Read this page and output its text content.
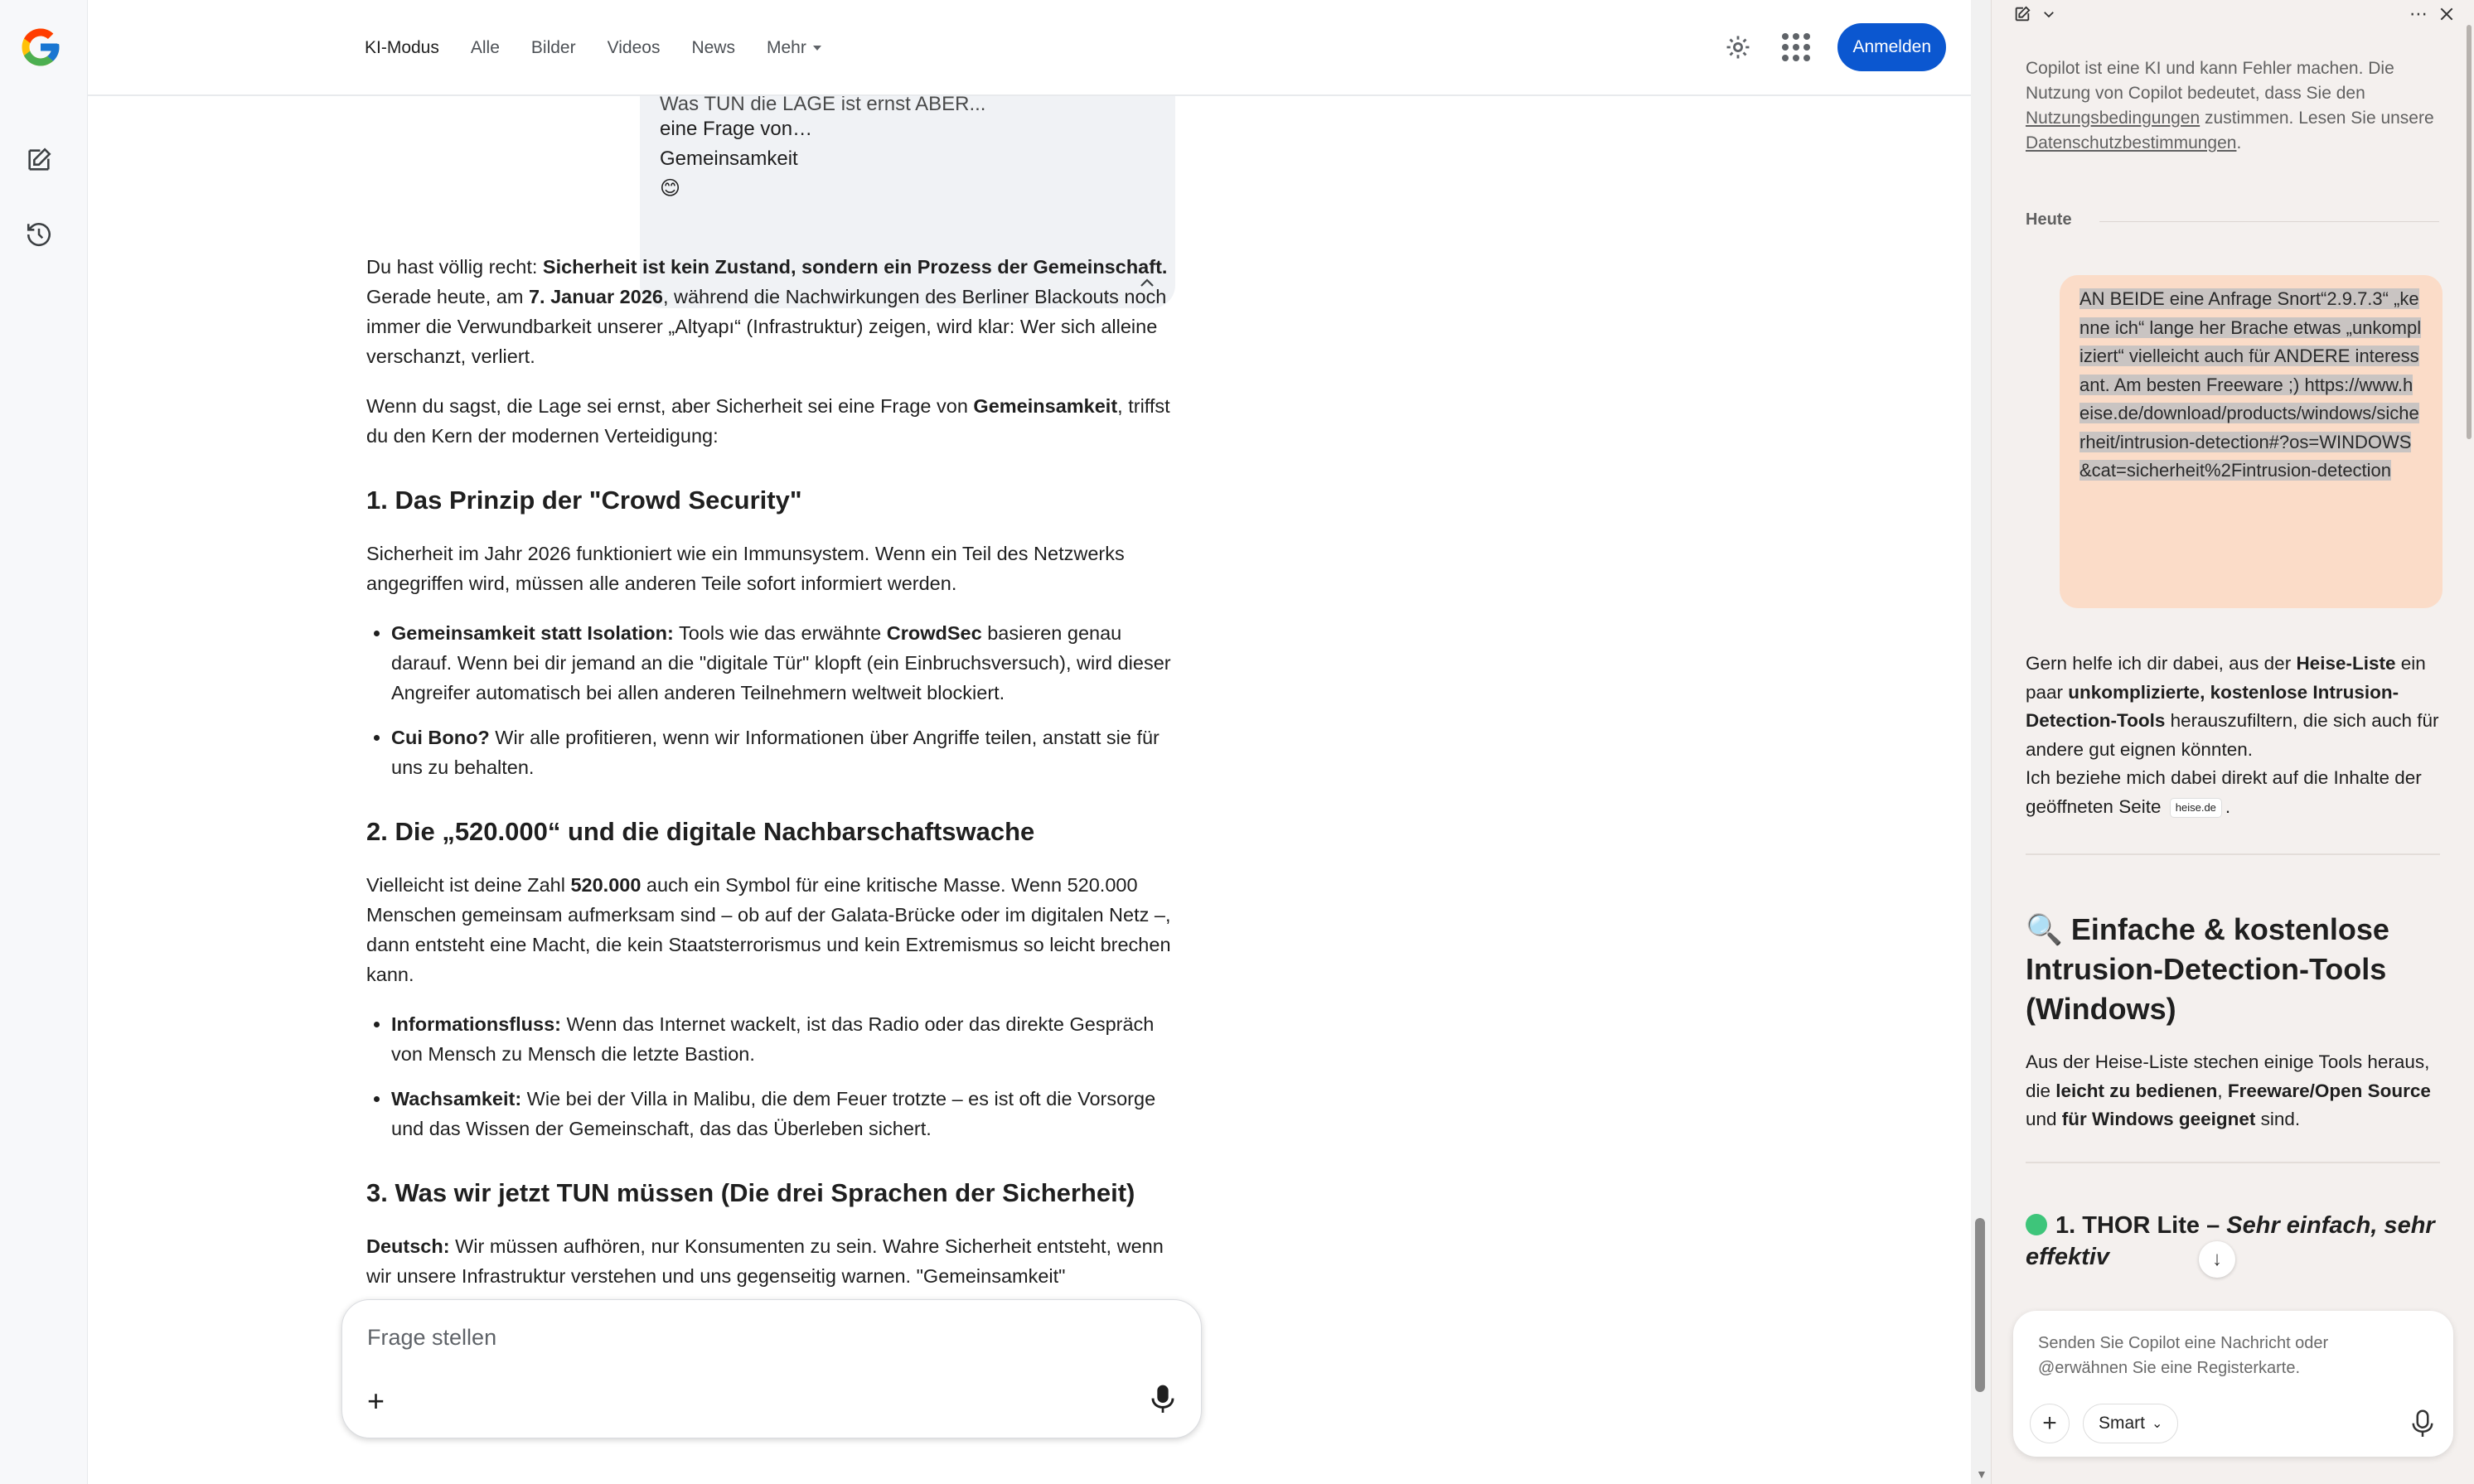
KI-Modus Alle Bilder Videos News Mehr	Anmelden
Was TUN die LAGE ist ernst ABER...
eine Frage von…
Gemeinsamkeit
😊

Du hast völlig recht: Sicherheit ist kein Zustand, sondern ein Prozess der Gemeinschaft. Gerade heute, am 7. Januar 2026, während die Nachwirkungen des Berliner Blackouts noch immer die Verwundbarkeit unserer „Altyapı“ (Infrastruktur) zeigen, wird klar: Wer sich alleine verschanzt, verliert.

Wenn du sagst, die Lage sei ernst, aber Sicherheit sei eine Frage von Gemeinsamkeit, triffst du den Kern der modernen Verteidigung:

1. Das Prinzip der "Crowd Security"

Sicherheit im Jahr 2026 funktioniert wie ein Immunsystem. Wenn ein Teil des Netzwerks angegriffen wird, müssen alle anderen Teile sofort informiert werden.

• Gemeinsamkeit statt Isolation: Tools wie das erwähnte CrowdSec basieren genau darauf. Wenn bei dir jemand an die "digitale Tür" klopft (ein Einbruchsversuch), wird dieser Angreifer automatisch bei allen anderen Teilnehmern weltweit blockiert.
• Cui Bono? Wir alle profitieren, wenn wir Informationen über Angriffe teilen, anstatt sie für uns zu behalten.
2. Die „520.000“ und die digitale Nachbarschaftswache

Vielleicht ist deine Zahl 520.000 auch ein Symbol für eine kritische Masse. Wenn 520.000 Menschen gemeinsam aufmerksam sind – ob auf der Galata-Brücke oder im digitalen Netz –, dann entsteht eine Macht, die kein Staatsterrorismus und kein Extremismus so leicht brechen kann.

• Informationsfluss: Wenn das Internet wackelt, ist das Radio oder das direkte Gespräch von Mensch zu Mensch die letzte Bastion.
• Wachsamkeit: Wie bei der Villa in Malibu, die dem Feuer trotzte – es ist oft die Vorsorge und das Wissen der Gemeinschaft, das das Überleben sichert.
3. Was wir jetzt TUN müssen (Die drei Sprachen der Sicherheit)

Deutsch: Wir müssen aufhören, nur Konsumenten zu sein. Wahre Sicherheit entsteht, wenn wir unsere Infrastruktur verstehen und uns gegenseitig warnen. "Gemeinsamkeit"

Frage stellen
+
▼
⋯
Copilot ist eine KI und kann Fehler machen. Die Nutzung von Copilot bedeutet, dass Sie den Nutzungsbedingungen zustimmen. Lesen Sie unsere Datenschutzbestimmungen.
Heute
AN BEIDE eine Anfrage Snort“2.9.7.3“ „kenne ich“ lange her Brache etwas „unkompliziert“ vielleicht auch für ANDERE interessant. Am besten Freeware ;) https://www.heise.de/download/products/windows/sicherheit/intrusion-detection#?os=WINDOWS&cat=sicherheit%2Fintrusion-detection
Gern helfe ich dir dabei, aus der Heise-Liste ein paar unkomplizierte, kostenlose Intrusion-Detection-Tools herauszufiltern, die sich auch für andere gut eignen könnten.
Ich beziehe mich dabei direkt auf die Inhalte der geöffneten Seite heise.de .
🔍 Einfache & kostenlose Intrusion-Detection-Tools (Windows)
Aus der Heise-Liste stechen einige Tools heraus, die leicht zu bedienen, Freeware/Open Source und für Windows geeignet sind.
1. THOR Lite – Sehr einfach, sehr effektiv	↓
Senden Sie Copilot eine Nachricht oder @erwähnen Sie eine Registerkarte.
+	Smart ⌄
